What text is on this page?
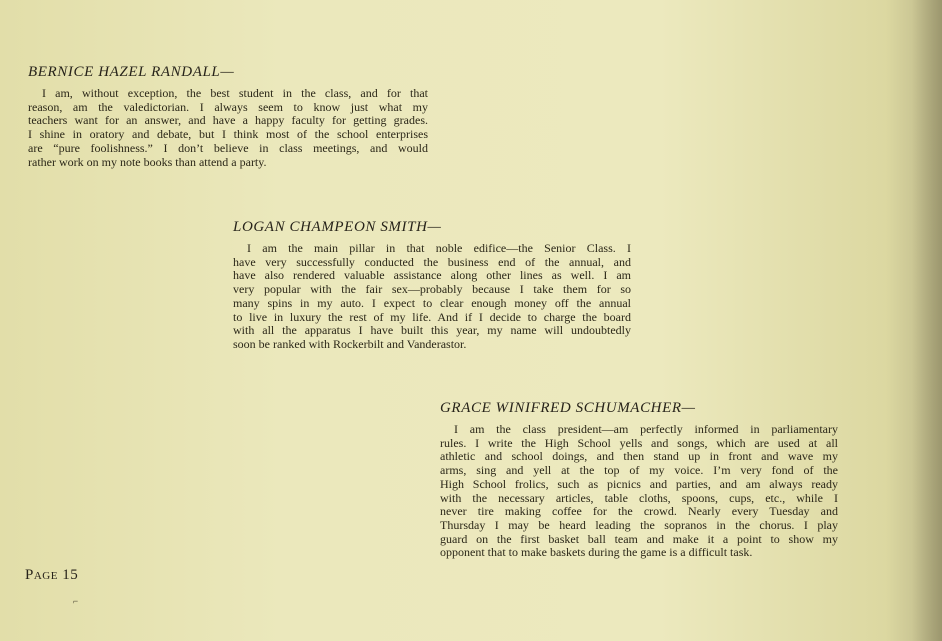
BERNICE HAZEL RANDALL—
I am, without exception, the best student in the class, and for that
reason, am the valedictorian. I always seem to know just what my
teachers want for an answer, and have a happy faculty for getting grades.
I shine in oratory and debate, but I think most of the school enterprises
are “pure foolishness.” I don’t believe in class meetings, and would
rather work on my note books than attend a party.
LOGAN CHAMPEON SMITH—
I am the main pillar in that noble edifice—the Senior Class. I
have very successfully conducted the business end of the annual, and
have also rendered valuable assistance along other lines as well. I am
very popular with the fair sex—probably because I take them for so
many spins in my auto. I expect to clear enough money off the annual
to live in luxury the rest of my life. And if I decide to charge the board
with all the apparatus I have built this year, my name will undoubtedly
soon be ranked with Rockerbilt and Vanderastor.
GRACE WINIFRED SCHUMACHER—
I am the class president—am perfectly informed in parliamentary
rules. I write the High School yells and songs, which are used at all
athletic and school doings, and then stand up in front and wave my
arms, sing and yell at the top of my voice. I’m very fond of the
High School frolics, such as picnics and parties, and am always ready
with the necessary articles, table cloths, spoons, cups, etc., while I
never tire making coffee for the crowd. Nearly every Tuesday and
Thursday I may be heard leading the sopranos in the chorus. I play
guard on the first basket ball team and make it a point to show my
opponent that to make baskets during the game is a difficult task.
Page 15
⌐
